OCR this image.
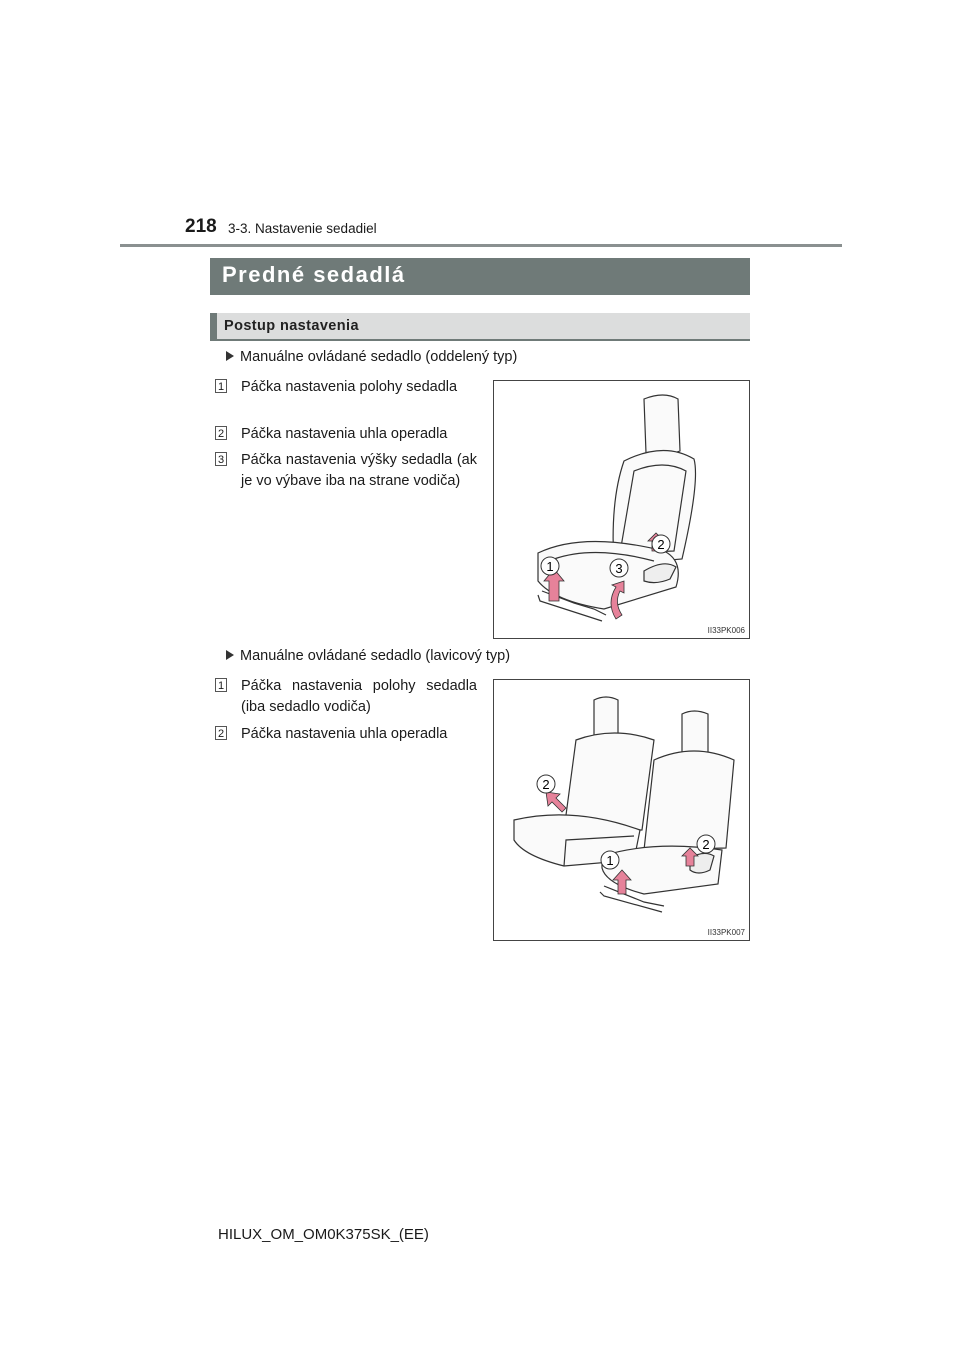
218 3-3. Nastavenie sedadiel
Predné sedadlá
Postup nastavenia
Manuálne ovládané sedadlo (oddelený typ)
1 Páčka nastavenia polohy sedadla
2 Páčka nastavenia uhla operadla
3 Páčka nastavenia výšky sedadla (ak je vo výbave iba na strane vodiča)
1
2
3
II33PK006
Manuálne ovládané sedadlo (lavicový typ)
1 Páčka nastavenia polohy sedadla (iba sedadlo vodiča)
2 Páčka nastavenia uhla operadla
1
2
2
II33PK007
HILUX_OM_OM0K375SK_(EE)
